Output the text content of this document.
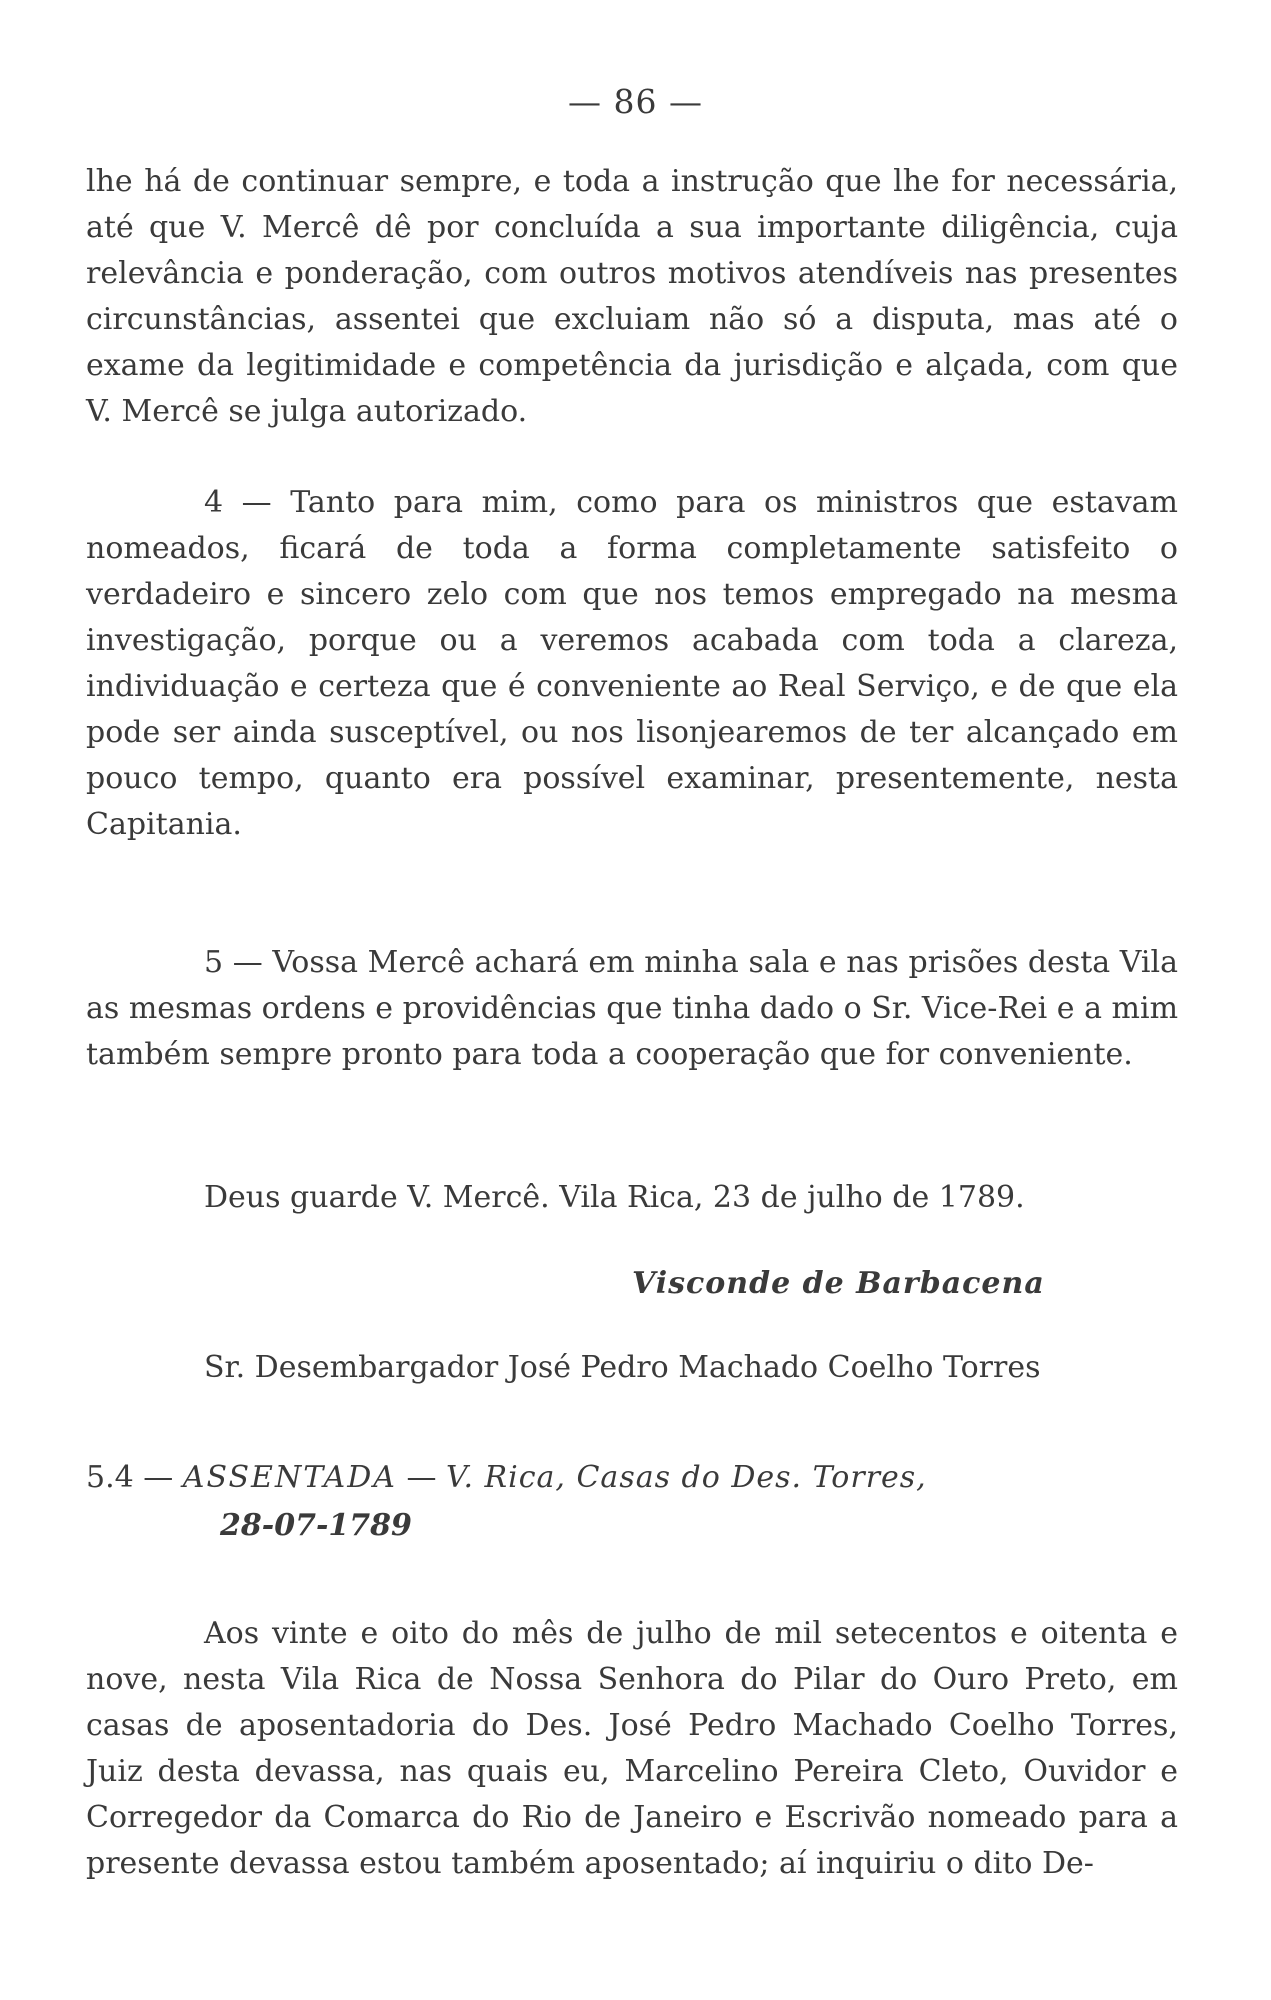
— 86 —

lhe há de continuar sempre, e toda a instrução que lhe for necessária, até que V. Mercê dê por concluída a sua importante diligência, cuja relevância e ponderação, com outros motivos atendíveis nas presentes circunstâncias, assentei que excluiam não só a disputa, mas até o exame da legitimidade e competência da jurisdição e alçada, com que V. Mercê se julga autorizado.

4 — Tanto para mim, como para os ministros que estavam nomeados, ficará de toda a forma completamente satisfeito o verdadeiro e sincero zelo com que nos temos empregado na mesma investigação, porque ou a veremos acabada com toda a clareza, individuação e certeza que é conveniente ao Real Serviço, e de que ela pode ser ainda susceptível, ou nos lisonjearemos de ter alcançado em pouco tempo, quanto era possível examinar, presentemente, nesta Capitania.

5 — Vossa Mercê achará em minha sala e nas prisões desta Vila as mesmas ordens e providências que tinha dado o Sr. Vice-Rei e a mim também sempre pronto para toda a cooperação que for conveniente.

Deus guarde V. Mercê. Vila Rica, 23 de julho de 1789.

Visconde de Barbacena
Sr. Desembargador José Pedro Machado Coelho Torres

5.4 — ASSENTADA — V. Rica, Casas do Des. Torres,
28-07-1789

Aos vinte e oito do mês de julho de mil setecentos e oitenta e nove, nesta Vila Rica de Nossa Senhora do Pilar do Ouro Preto, em casas de aposentadoria do Des. José Pedro Machado Coelho Torres, Juiz desta devassa, nas quais eu, Marcelino Pereira Cleto, Ouvidor e Corregedor da Comarca do Rio de Janeiro e Escrivão nomeado para a presente devassa estou também aposentado; aí inquiriu o dito De-
